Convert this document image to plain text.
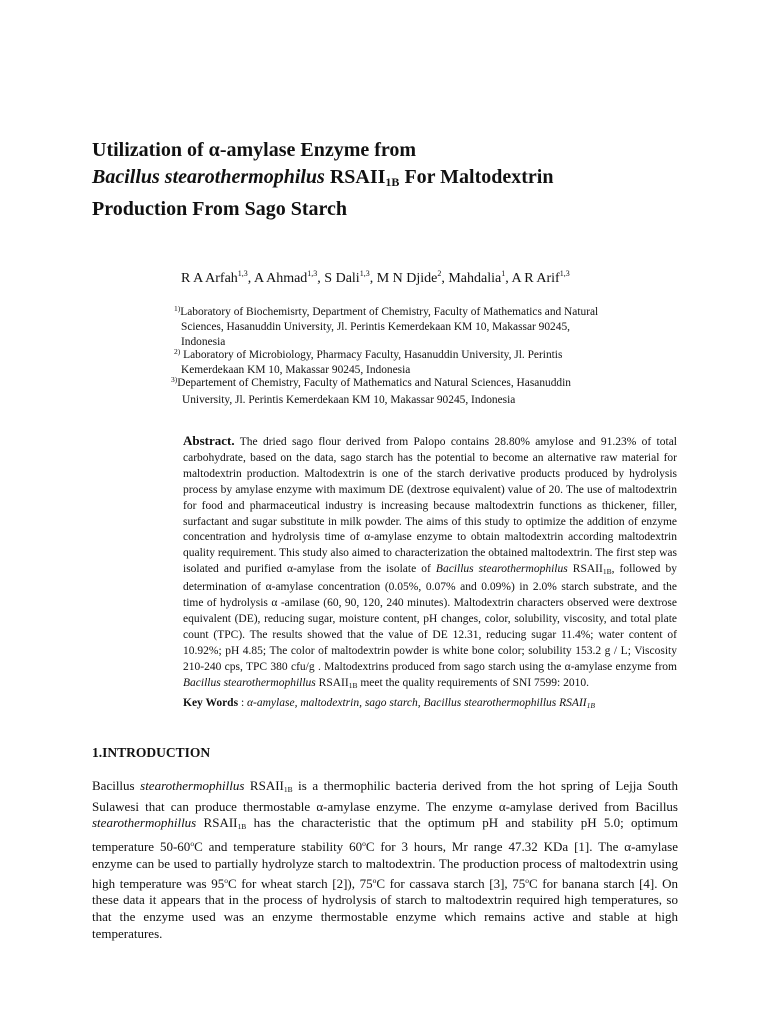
Utilization of α-amylase Enzyme from
Bacillus stearothermophilus $RSAII_{1B}$ For Maltodextrin
Production From Sago Starch
R A Arfah$^{1,3}$, A Ahmad$^{1,3}$, S Dali$^{1,3}$, M N Djide$^2$, Mahdalia$^1$, A R Arif$^{1,3}$
$^{1)}$Laboratory of Biochemisrty, Department of Chemistry, Faculty of Mathematics and Natural
Sciences, Hasanuddin University, Jl. Perintis Kemerdekaan KM 10, Makassar 90245,
Indonesia
$^{2)}$ Laboratory of Microbiology, Pharmacy Faculty, Hasanuddin University, Jl. Perintis
Kemerdekaan KM 10, Makassar 90245, Indonesia
$^{3)}$Departement of Chemistry, Faculty of Mathematics and Natural Sciences, Hasanuddin
University, Jl. Perintis Kemerdekaan KM 10, Makassar 90245, Indonesia
Abstract. The dried sago flour derived from Palopo contains 28.80% amylose and 91.23% of total carbohydrate, based on the data, sago starch has the potential to become an alternative raw material for maltodextrin production. Maltodextrin is one of the starch derivative products produced by hydrolysis process by amylase enzyme with maximum DE (dextrose equivalent) value of 20. The use of maltodextrin for food and pharmaceutical industry is increasing because maltodextrin functions as thickener, filler, surfactant and sugar substitute in milk powder. The aims of this study to optimize the addition of enzyme concentration and hydrolysis time of α-amylase enzyme to obtain maltodextrin according maltodextrin quality requirement. This study also aimed to characterization the obtained maltodextrin. The first step was isolated and purified α-amylase from the isolate of Bacillus stearothermophilus $RSAII_{1B}$, followed by determination of α-amylase concentration (0.05%, 0.07% and 0.09%) in 2.0% starch substrate, and the time of hydrolysis α -amilase (60, 90, 120, 240 minutes). Maltodextrin characters observed were dextrose equivalent (DE), reducing sugar, moisture content, pH changes, color, solubility, viscosity, and total plate count (TPC). The results showed that the value of DE 12.31, reducing sugar 11.4%; water content of 10.92%; pH 4.85; The color of maltodextrin powder is white bone color; solubility 153.2 g / L; Viscosity 210-240 cps, TPC 380 cfu/g . Maltodextrins produced from sago starch using the α-amylase enzyme from Bacillus stearothermophillus $RSAII_{1B}$ meet the quality requirements of SNI 7599: 2010.
Key Words : α-amylase, maltodextrin, sago starch, Bacillus stearothermophillus $RSAII_{1B}$
1.INTRODUCTION
Bacillus stearothermophillus $RSAII_{1B}$ is a thermophilic bacteria derived from the hot spring of Lejja South Sulawesi that can produce thermostable α-amylase enzyme. The enzyme α-amylase derived from Bacillus stearothermophillus $RSAII_{1B}$ has the characteristic that the optimum pH and stability pH 5.0; optimum temperature 50-60$^o$C and temperature stability 60$^o$C for 3 hours, Mr range 47.32 KDa [1]. The α-amylase enzyme can be used to partially hydrolyze starch to maltodextrin. The production process of maltodextrin using high temperature was 95$^o$C for wheat starch [2]), 75$^o$C for cassava starch [3], 75$^o$C for banana starch [4]. On these data it appears that in the process of hydrolysis of starch to maltodextrin required high temperatures, so that the enzyme used was an enzyme thermostable enzyme which remains active and stable at high temperatures.
